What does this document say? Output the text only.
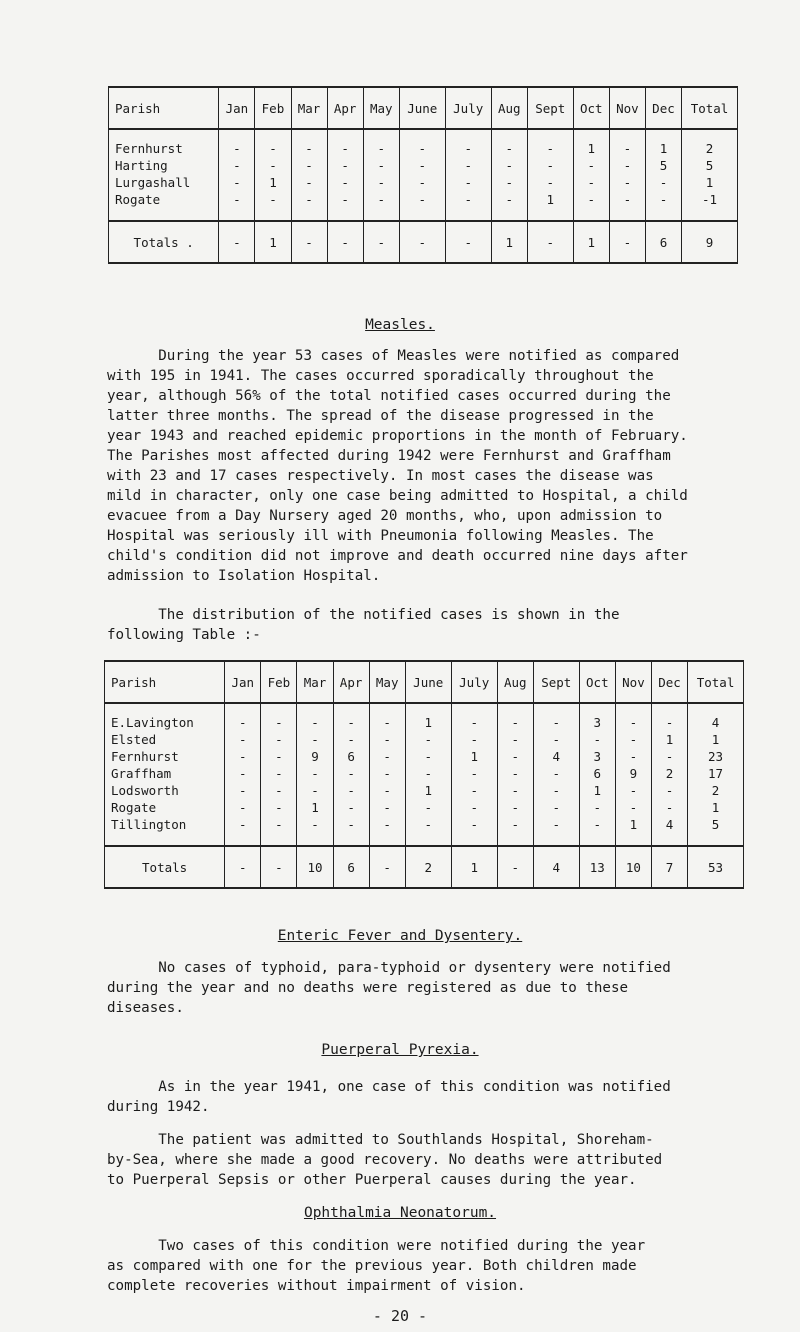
Parish	Jan	Feb	Mar	Apr	May	June	July	Aug	Sept	Oct	Nov	Dec	Total

Fernhurst	-	-	-	-	-	-	-	-	-	1	-	1	2
Harting	-	-	-	-	-	-	-	-	-	-	-	5	5
Lurgashall	-	1	-	-	-	-	-	-	-	-	-	-	1
Rogate	-	-	-	-	-	-	-	-	1	-	-	-	-1

Totals .	-	1	-	-	-	-	-	1	-	1	-	6	9
Measles.

During the year 53 cases of Measles were notified as compared
with 195 in 1941. The cases occurred sporadically throughout the
year, although 56% of the total notified cases occurred during the
latter three months. The spread of the disease progressed in the
year 1943 and reached epidemic proportions in the month of February.
The Parishes most affected during 1942 were Fernhurst and Graffham
with 23 and 17 cases respectively. In most cases the disease was
mild in character, only one case being admitted to Hospital, a child
evacuee from a Day Nursery aged 20 months, who, upon admission to
Hospital was seriously ill with Pneumonia following Measles. The
child's condition did not improve and death occurred nine days after
admission to Isolation Hospital.

The distribution of the notified cases is shown in the
following Table :-

Parish	Jan	Feb	Mar	Apr	May	June	July	Aug	Sept	Oct	Nov	Dec	Total

E.Lavington	-	-	-	-	-	1	-	-	-	3	-	-	4
Elsted	-	-	-	-	-	-	-	-	-	-	-	1	1
Fernhurst	-	-	9	6	-	-	1	-	4	3	-	-	23
Graffham	-	-	-	-	-	-	-	-	-	6	9	2	17
Lodsworth	-	-	-	-	-	1	-	-	-	1	-	-	2
Rogate	-	-	1	-	-	-	-	-	-	-	-	-	1
Tillington	-	-	-	-	-	-	-	-	-	-	1	4	5

Totals	-	-	10	6	-	2	1	-	4	13	10	7	53
Enteric Fever and Dysentery.

No cases of typhoid, para-typhoid or dysentery were notified
during the year and no deaths were registered as due to these
diseases.

Puerperal Pyrexia.

As in the year 1941, one case of this condition was notified
during 1942.

The patient was admitted to Southlands Hospital, Shoreham-
by-Sea, where she made a good recovery. No deaths were attributed
to Puerperal Sepsis or other Puerperal causes during the year.

Ophthalmia Neonatorum.

Two cases of this condition were notified during the year
as compared with one for the previous year. Both children made
complete recoveries without impairment of vision.

- 20 -
